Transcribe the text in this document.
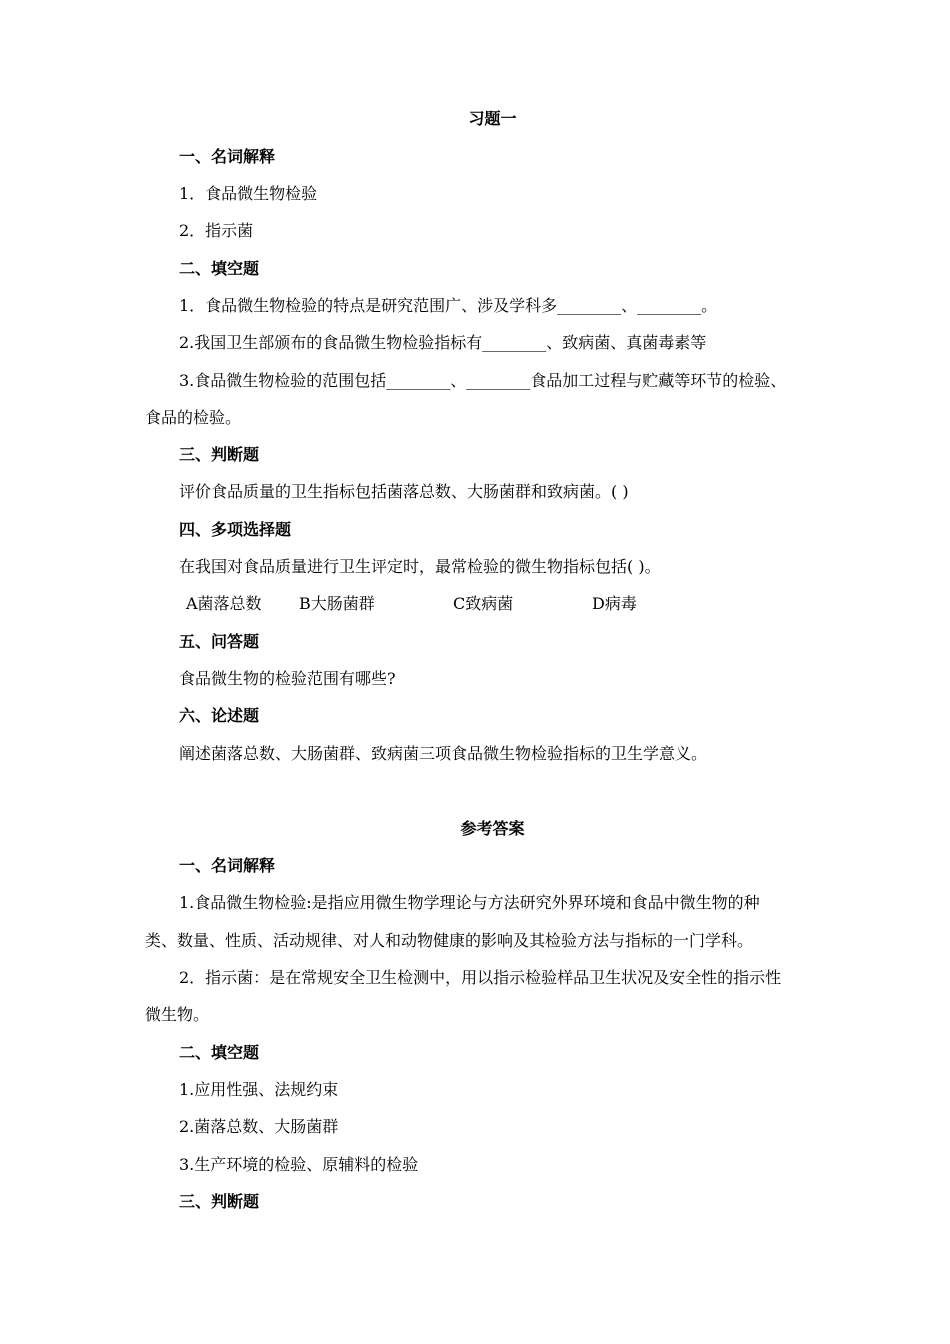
习题一
一、名词解释
1．食品微生物检验
2．指示菌
二、填空题
1．食品微生物检验的特点是研究范围广、涉及学科多________、________。
2.我国卫生部颁布的食品微生物检验指标有________、致病菌、真菌毒素等
3.食品微生物检验的范围包括________、________食品加工过程与贮藏等环节的检验、
食品的检验。
三、判断题
评价食品质量的卫生指标包括菌落总数、大肠菌群和致病菌。( )
四、多项选择题
在我国对食品质量进行卫生评定时，最常检验的微生物指标包括( )。
A菌落总数 B大肠菌群	C致病菌	D病毒
五、问答题
食品微生物的检验范围有哪些?
六、论述题
阐述菌落总数、大肠菌群、致病菌三项食品微生物检验指标的卫生学意义。
参考答案
一、名词解释
1.食品微生物检验:是指应用微生物学理论与方法研究外界环境和食品中微生物的种
类、数量、性质、活动规律、对人和动物健康的影响及其检验方法与指标的一门学科。
2．指示菌：是在常规安全卫生检测中，用以指示检验样品卫生状况及安全性的指示性
微生物。
二、填空题
1.应用性强、法规约束
2.菌落总数、大肠菌群
3.生产环境的检验、原辅料的检验
三、判断题
